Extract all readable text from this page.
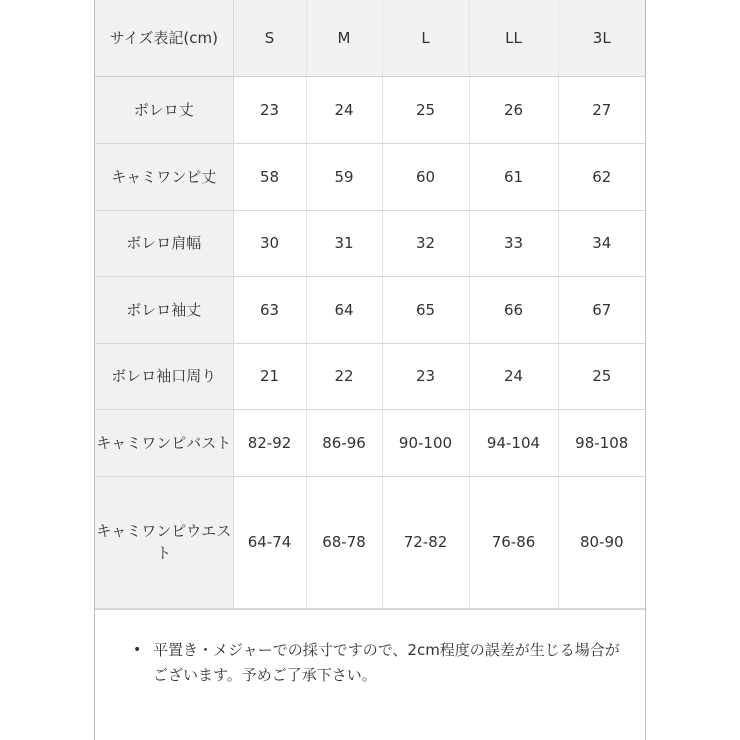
サイズ表記(cm)	S	M	L	LL	3L
ボレロ丈	23	24	25	26	27
キャミワンピ丈	58	59	60	61	62
ボレロ肩幅	30	31	32	33	34
ボレロ袖丈	63	64	65	66	67
ボレロ袖口周り	21	22	23	24	25
キャミワンピバスト	82-92	86-96	90-100	94-104	98-108
キャミワンピウエスト	64-74	68-78	72-82	76-86	80-90
• 平置き・メジャーでの採寸ですので、2cm程度の誤差が生じる場合がございます。予めご了承下さい。
